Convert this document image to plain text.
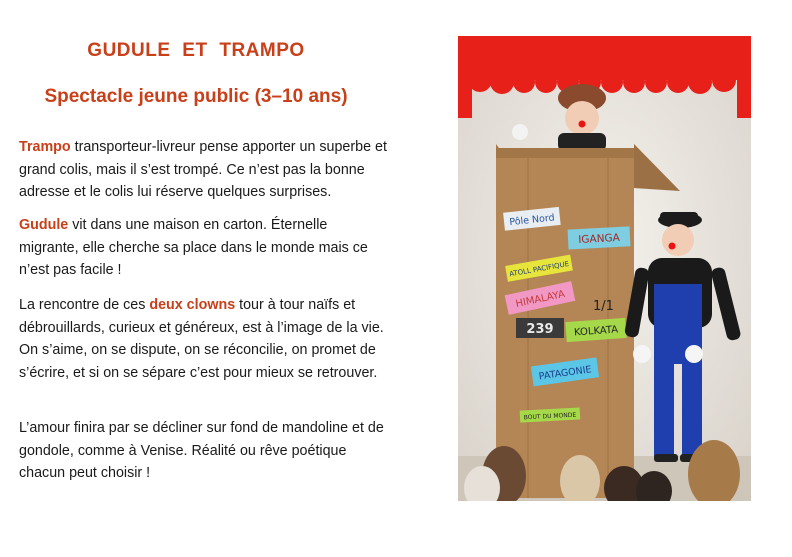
GUDULE ET TRAMPO
Spectacle jeune public (3–10 ans)

Trampo transporteur-livreur pense apporter un superbe et grand colis, mais il s’est trompé. Ce n’est pas la bonne adresse et le colis lui réserve quelques surprises.

Gudule vit dans une maison en carton. Éternelle migrante, elle cherche sa place dans le monde mais ce n’est pas facile !

La rencontre de ces deux clowns tour à tour naïfs et débrouillards, curieux et généreux, est à l’image de la vie. On s’aime, on se dispute, on se réconcilie, on promet de s’écrire, et si on se sépare c’est pour mieux se retrouver.

L’amour finira par se décliner sur fond de mandoline et de gondole, comme à Venise. Réalité ou rêve poétique chacun peut choisir !

Pôle Nord
IGANGA
ATOLL PACIFIQUE
HIMALAYA 1/1
239 KOLKATA
PATAGONIE
BOUT DU MONDE
